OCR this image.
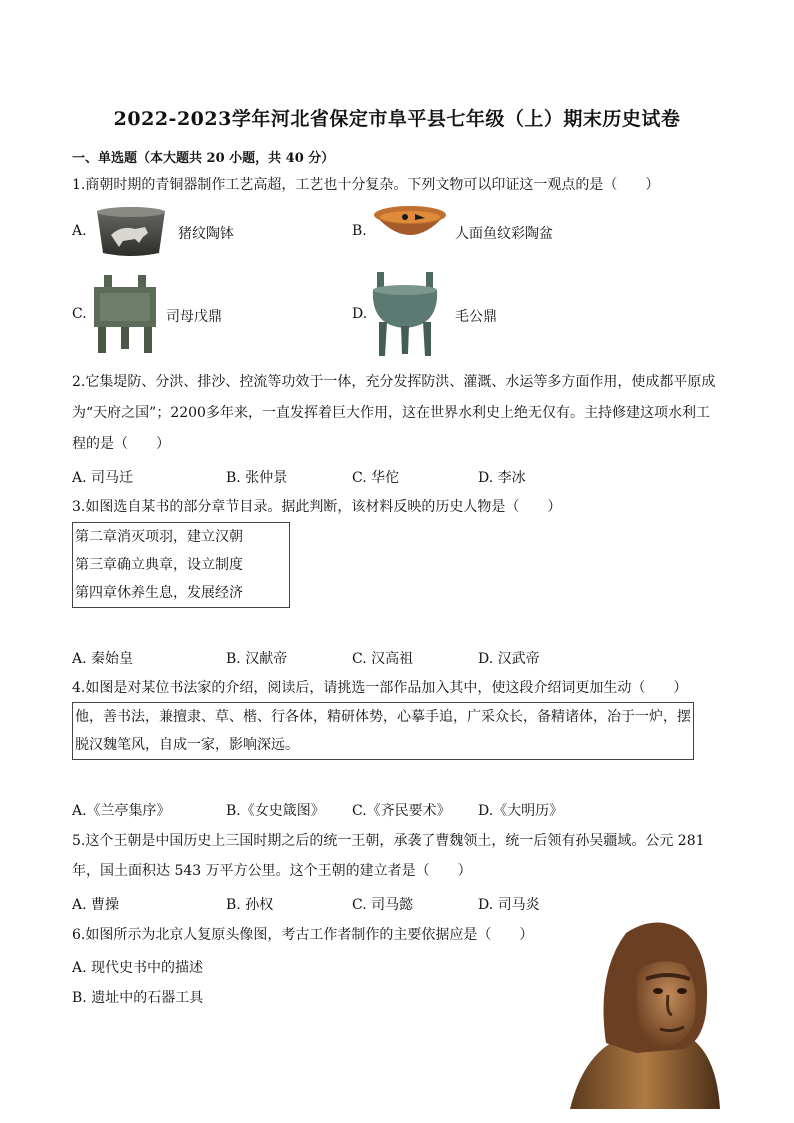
2022-2023学年河北省保定市阜平县七年级（上）期末历史试卷
一、单选题（本大题共 20 小题，共 40 分）
1.商朝时期的青铜器制作工艺高超，工艺也十分复杂。下列文物可以印证这一观点的是（　　）
A.	猪纹陶钵	B.	人面鱼纹彩陶盆
C.	司母戊鼎	D.	毛公鼎
2.它集堤防、分洪、排沙、控流等功效于一体，充分发挥防洪、灌溉、水运等多方面作用，使成都平原成
为“天府之国”；2200多年来，一直发挥着巨大作用，这在世界水利史上绝无仅有。主持修建这项水利工
程的是（　　）
A. 司马迁	B. 张仲景	C. 华佗	D. 李冰
3.如图选自某书的部分章节目录。据此判断，该材料反映的历史人物是（　　）
第二章消灭项羽，建立汉朝
第三章确立典章，设立制度
第四章休养生息，发展经济
A. 秦始皇	B. 汉献帝	C. 汉高祖	D. 汉武帝
4.如图是对某位书法家的介绍，阅读后，请挑选一部作品加入其中，使这段介绍词更加生动（　　）
他，善书法，兼擅隶、草、楷、行各体，精研体势，心摹手追，广采众长，备精诸体，冶于一炉，摆
脱汉魏笔风，自成一家，影响深远。
A.《兰亭集序》	B.《女史箴图》 C.《齐民要术》 D.《大明历》
5.这个王朝是中国历史上三国时期之后的统一王朝，承袭了曹魏领土，统一后领有孙吴疆域。公元 281
年，国土面积达 543 万平方公里。这个王朝的建立者是（　　）
A. 曹操	B. 孙权	C. 司马懿	D. 司马炎
6.如图所示为北京人复原头像图，考古工作者制作的主要依据应是（　　）
A. 现代史书中的描述
B. 遗址中的石器工具
